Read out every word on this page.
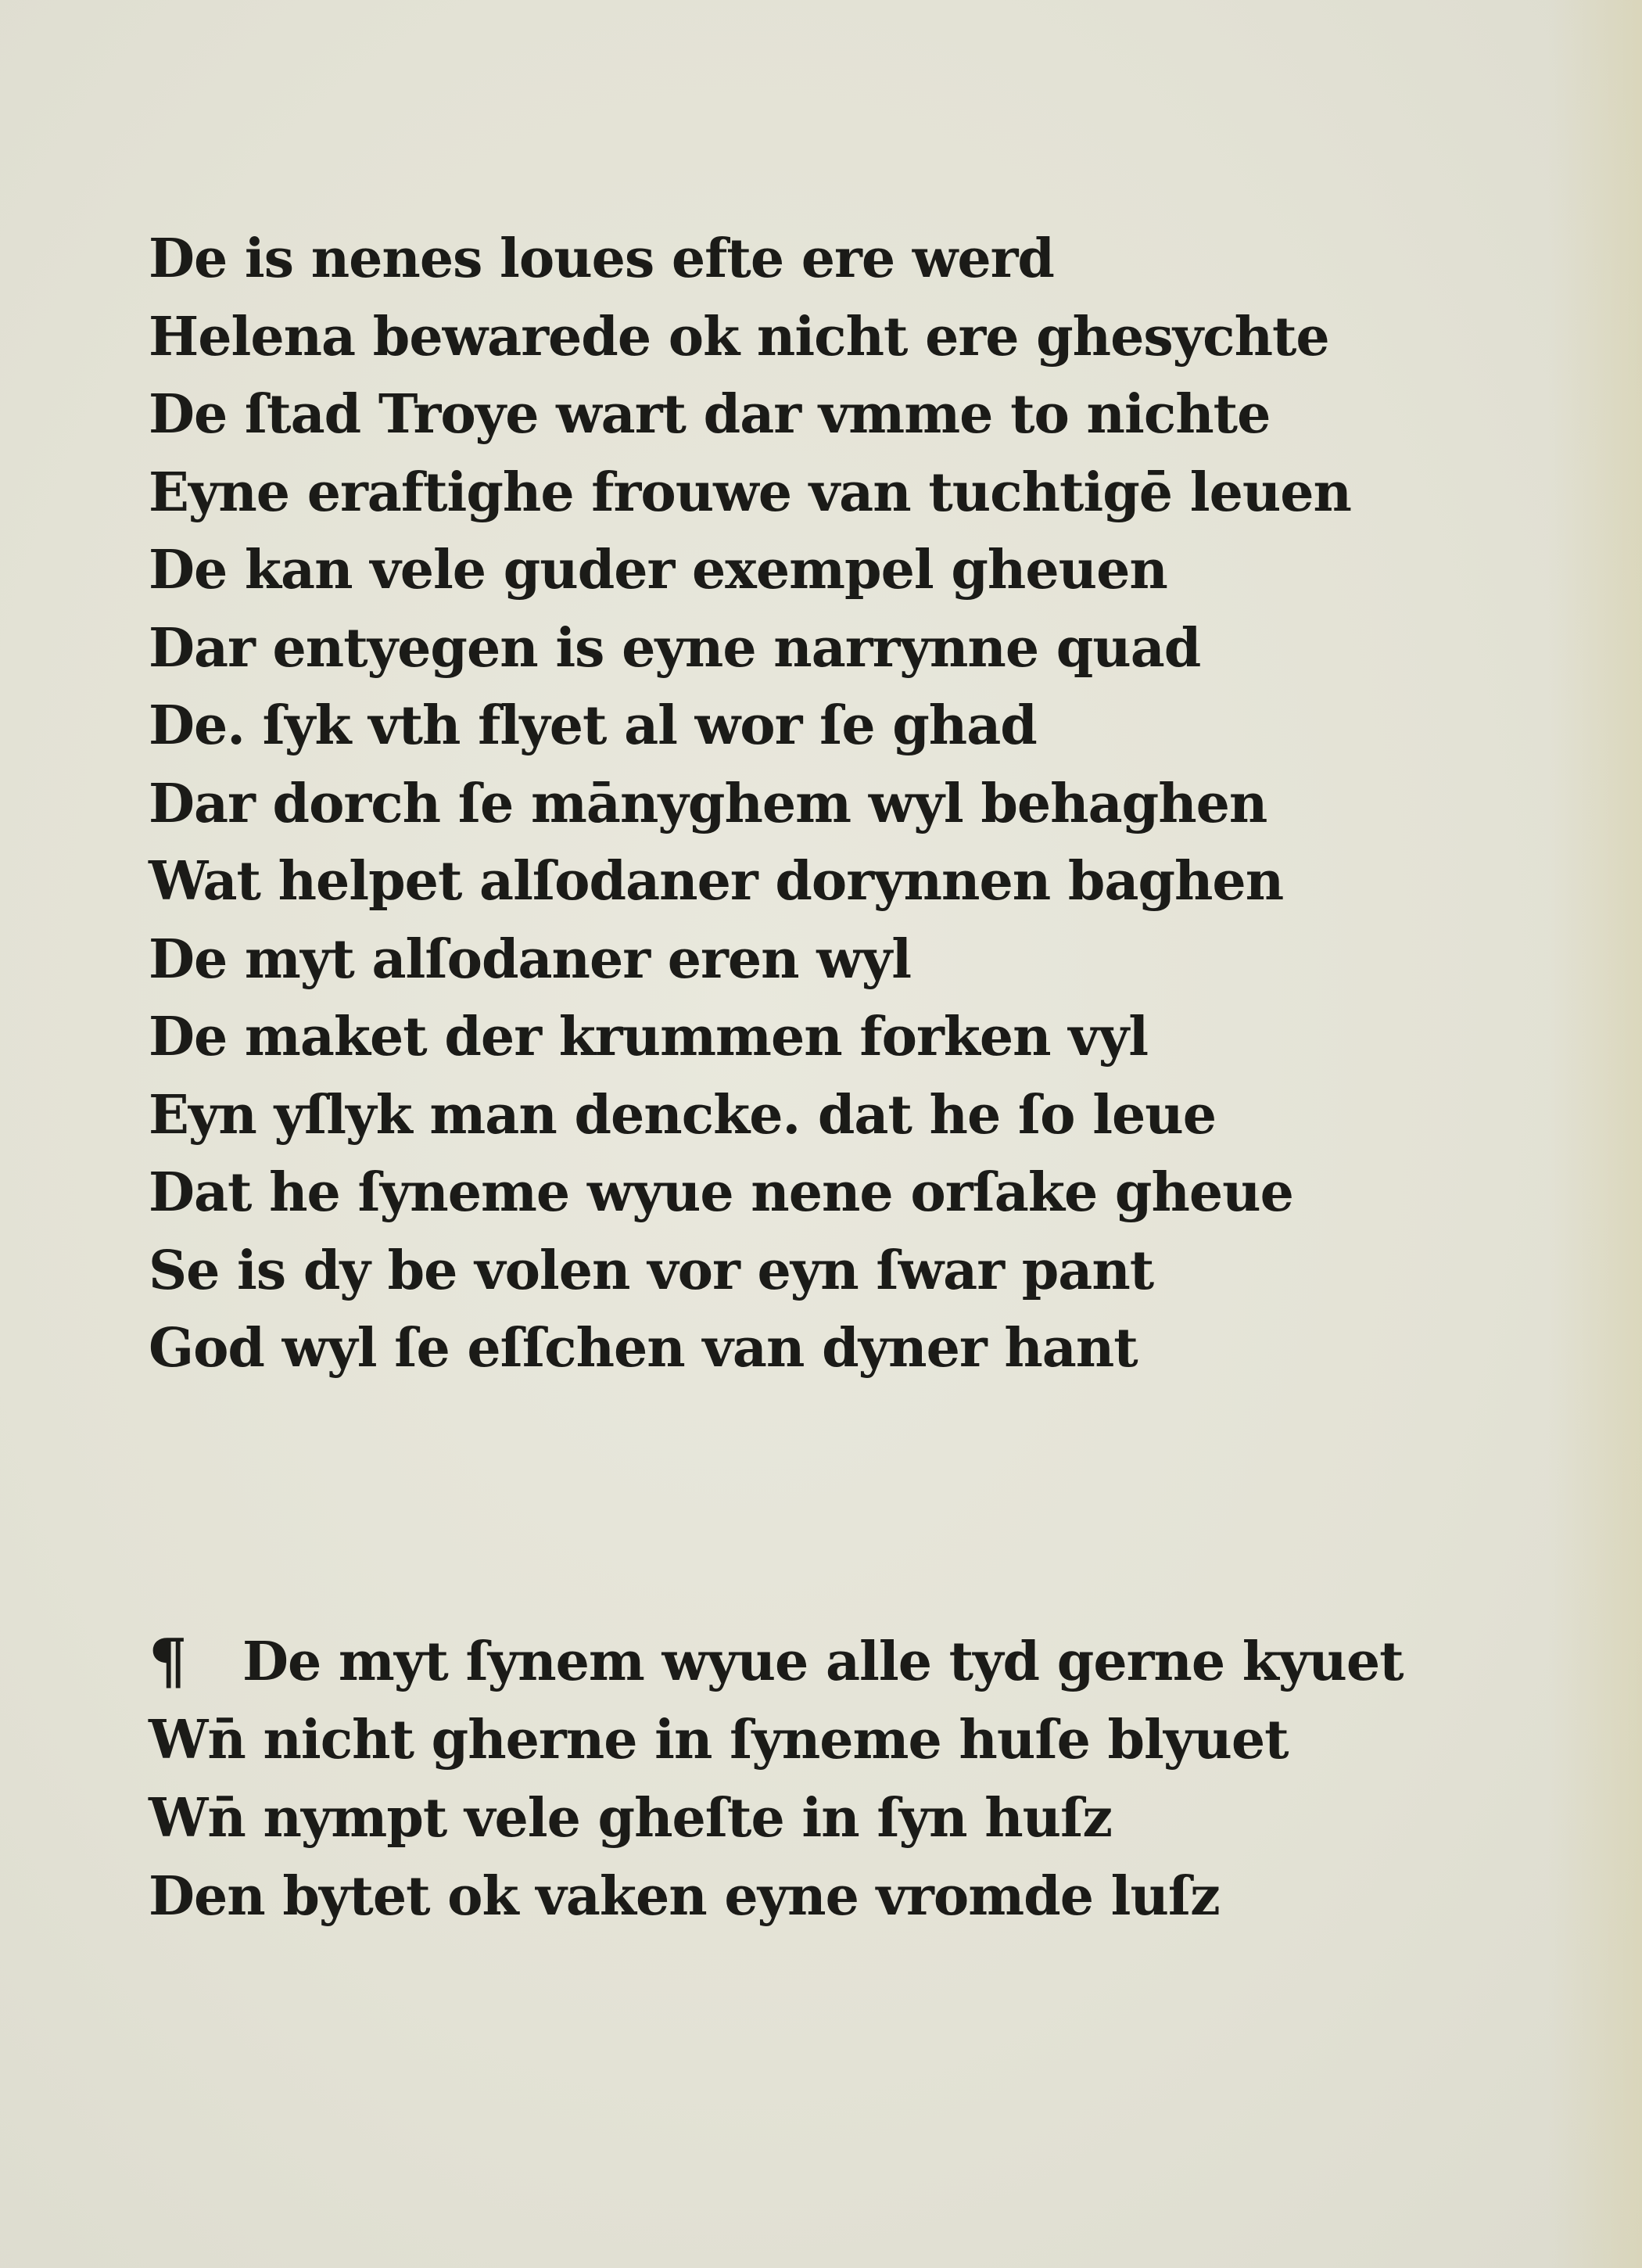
De is nenes loues efte ere werd
Helena bewarede ok nicht ere ghesychte
De ſtad Troye wart dar vmme to nichte
Eyne eraftighe frouwe van tuchtigē leuen
De kan vele guder exempel gheuen
Dar entyegen is eyne narrynne quad
De. ſyk vth flyet al wor ſe ghad
Dar dorch ſe mānyghem wyl behaghen
Wat helpet alſodaner dorynnen baghen
De myt alſodaner eren wyl
De maket der krummen forken vyl
Eyn yſlyk man dencke. dat he ſo leue
Dat he ſyneme wyue nene orſake gheue
Se is dy be volen vor eyn ſwar pant
God wyl ſe eſſchen van dyner hant
¶ De myt ſynem wyue alle tyd gerne kyuet
Wn̄ nicht gherne in ſyneme huſe blyuet
Wn̄ nympt vele gheſte in ſyn huſz
Den bytet ok vaken eyne vromde luſz
